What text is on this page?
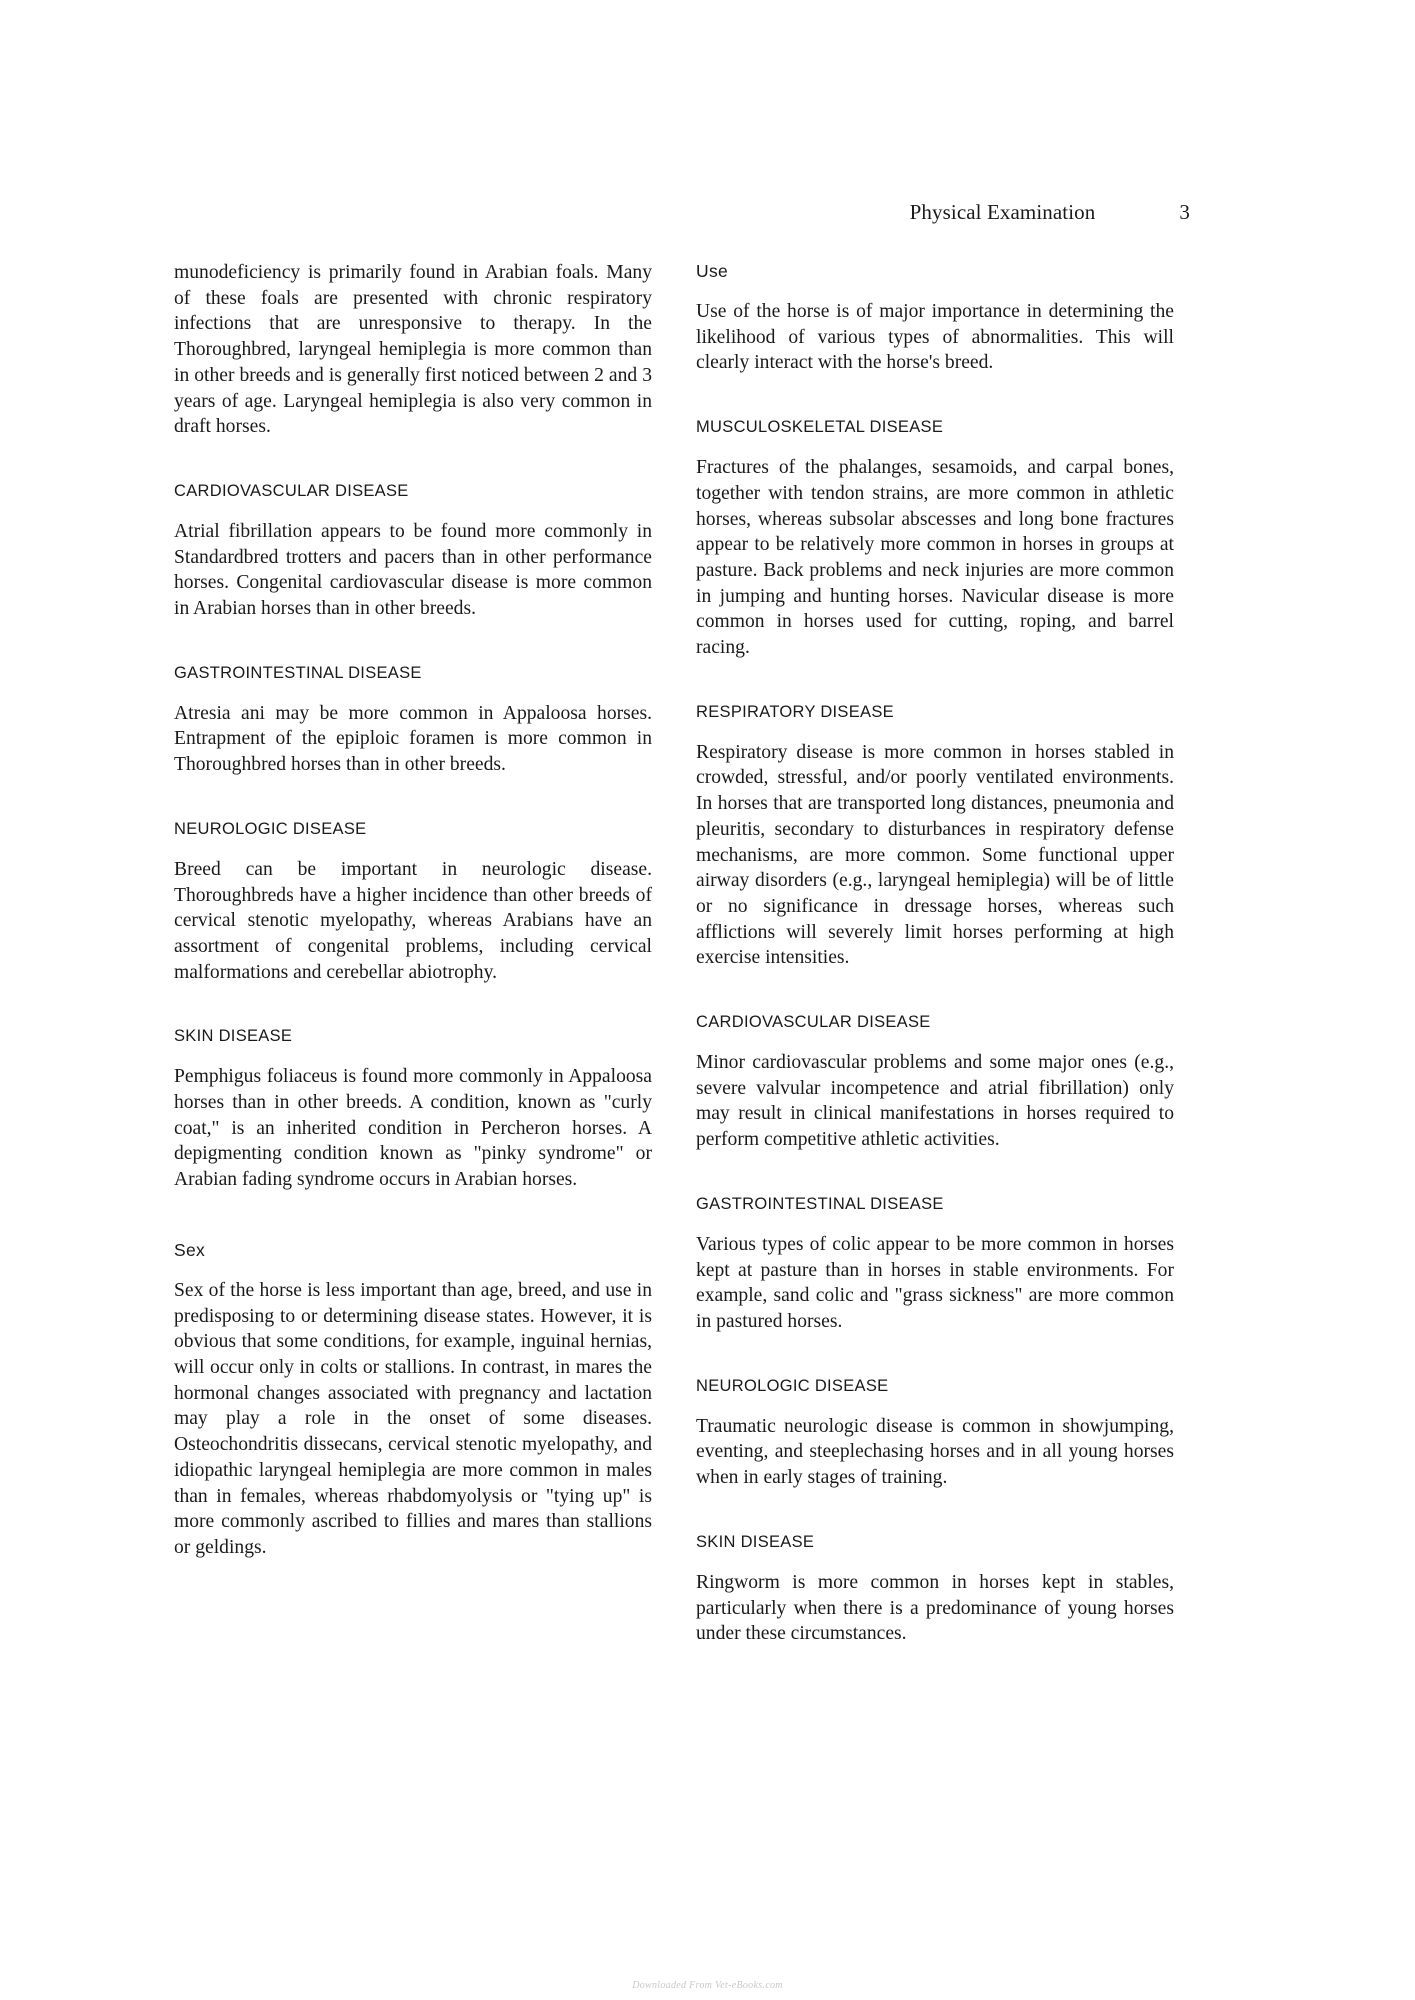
Physical Examination	3

munodeficiency is primarily found in Arabian foals. Many of these foals are presented with chronic respiratory infections that are unresponsive to therapy. In the Thoroughbred, laryngeal hemiplegia is more common than in other breeds and is generally first noticed between 2 and 3 years of age. Laryngeal hemiplegia is also very common in draft horses.

CARDIOVASCULAR DISEASE

Atrial fibrillation appears to be found more commonly in Standardbred trotters and pacers than in other performance horses. Congenital cardiovascular disease is more common in Arabian horses than in other breeds.

GASTROINTESTINAL DISEASE

Atresia ani may be more common in Appaloosa horses. Entrapment of the epiploic foramen is more common in Thoroughbred horses than in other breeds.

NEUROLOGIC DISEASE

Breed can be important in neurologic disease. Thoroughbreds have a higher incidence than other breeds of cervical stenotic myelopathy, whereas Arabians have an assortment of congenital problems, including cervical malformations and cerebellar abiotrophy.

SKIN DISEASE

Pemphigus foliaceus is found more commonly in Appaloosa horses than in other breeds. A condition, known as "curly coat," is an inherited condition in Percheron horses. A depigmenting condition known as "pinky syndrome" or Arabian fading syndrome occurs in Arabian horses.

Sex

Sex of the horse is less important than age, breed, and use in predisposing to or determining disease states. However, it is obvious that some conditions, for example, inguinal hernias, will occur only in colts or stallions. In contrast, in mares the hormonal changes associated with pregnancy and lactation may play a role in the onset of some diseases. Osteochondritis dissecans, cervical stenotic myelopathy, and idiopathic laryngeal hemiplegia are more common in males than in females, whereas rhabdomyolysis or "tying up" is more commonly ascribed to fillies and mares than stallions or geldings.

Use

Use of the horse is of major importance in determining the likelihood of various types of abnormalities. This will clearly interact with the horse's breed.

MUSCULOSKELETAL DISEASE

Fractures of the phalanges, sesamoids, and carpal bones, together with tendon strains, are more common in athletic horses, whereas subsolar abscesses and long bone fractures appear to be relatively more common in horses in groups at pasture. Back problems and neck injuries are more common in jumping and hunting horses. Navicular disease is more common in horses used for cutting, roping, and barrel racing.

RESPIRATORY DISEASE

Respiratory disease is more common in horses stabled in crowded, stressful, and/or poorly ventilated environments. In horses that are transported long distances, pneumonia and pleuritis, secondary to disturbances in respiratory defense mechanisms, are more common. Some functional upper airway disorders (e.g., laryngeal hemiplegia) will be of little or no significance in dressage horses, whereas such afflictions will severely limit horses performing at high exercise intensities.

CARDIOVASCULAR DISEASE

Minor cardiovascular problems and some major ones (e.g., severe valvular incompetence and atrial fibrillation) only may result in clinical manifestations in horses required to perform competitive athletic activities.

GASTROINTESTINAL DISEASE

Various types of colic appear to be more common in horses kept at pasture than in horses in stable environments. For example, sand colic and "grass sickness" are more common in pastured horses.

NEUROLOGIC DISEASE

Traumatic neurologic disease is common in showjumping, eventing, and steeplechasing horses and in all young horses when in early stages of training.

SKIN DISEASE

Ringworm is more common in horses kept in stables, particularly when there is a predominance of young horses under these circumstances.

Downloaded From Vet-eBooks.com
